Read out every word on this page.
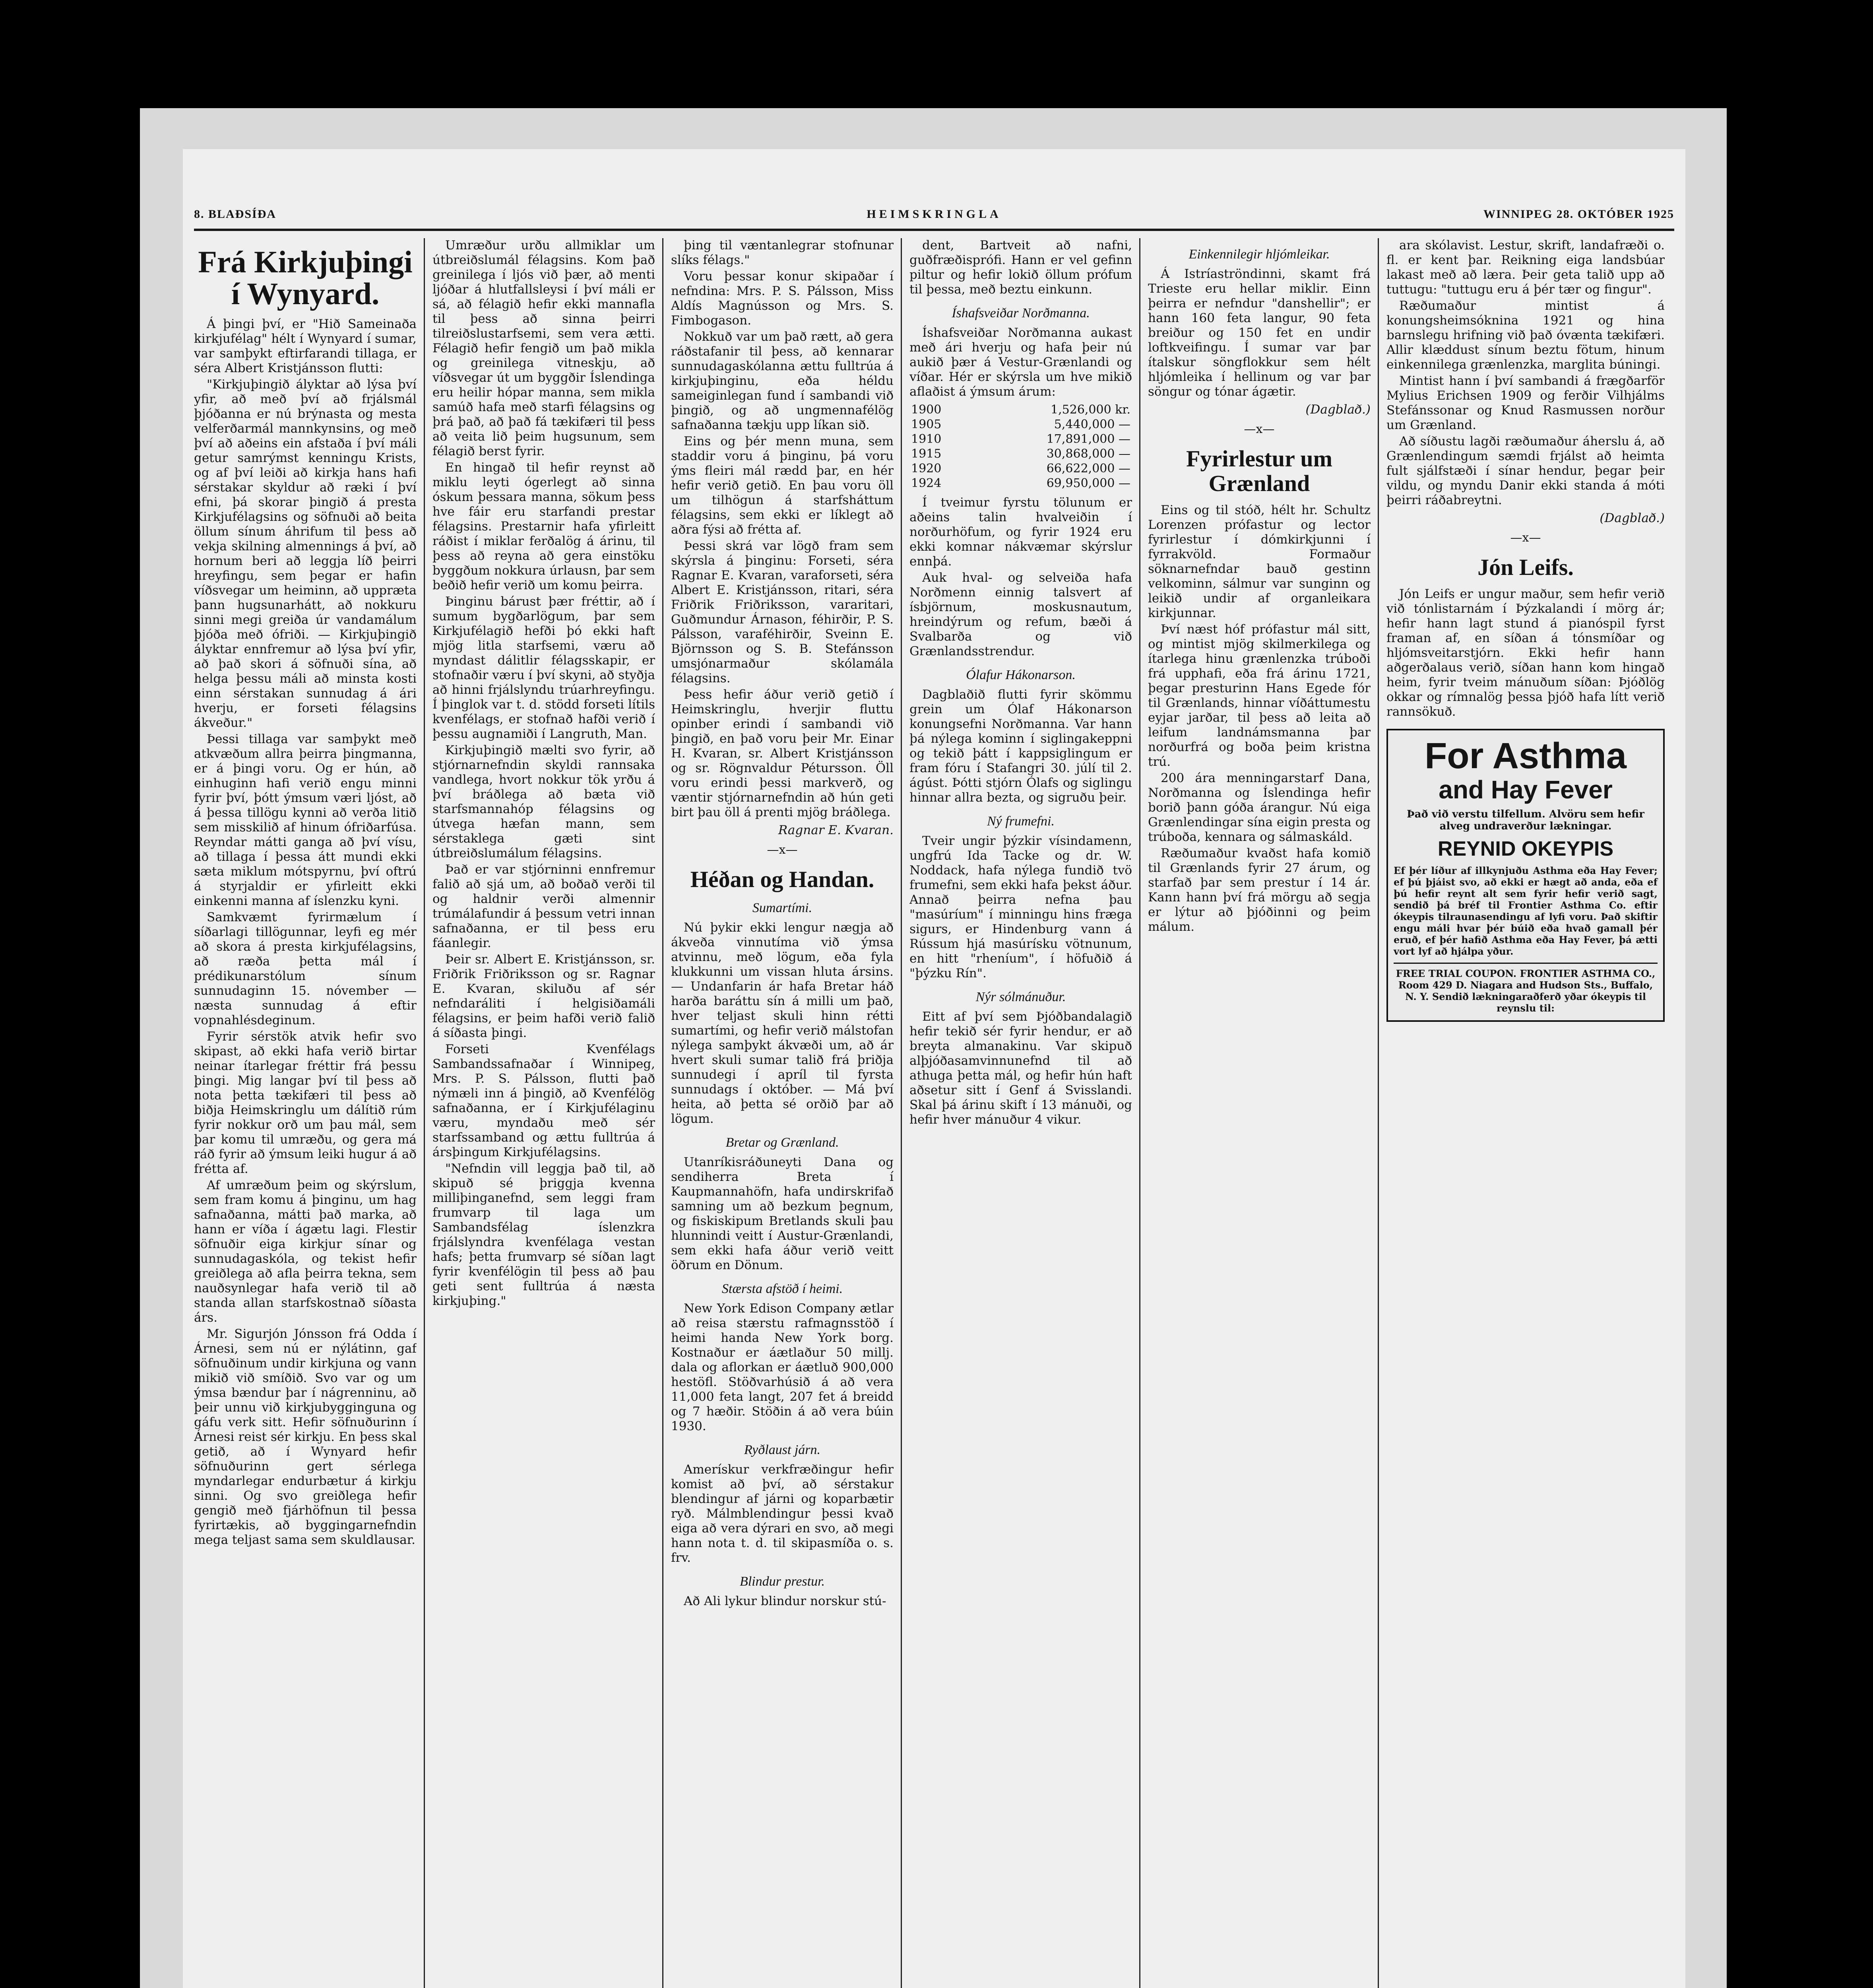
8. BLAÐSÍÐA	HEIMSKRINGLA	WINNIPEG 28. OKTÓBER 1925
Frá Kirkjuþingi í Wynyard.

Á þingi því, er "Hið Sameinaða kirkjufélag" hélt í Wynyard í sumar, var samþykt eftirfarandi tillaga, er séra Albert Kristjánsson flutti:

"Kirkjuþingið ályktar að lýsa því yfir, að með því að frjálsmál þjóðanna er nú brýnasta og mesta velferðarmál mannkynsins, og með því að aðeins ein afstaða í því máli getur samrýmst kenningu Krists, og af því leiði að kirkja hans hafi sérstakar skyldur að ræki í því efni, þá skorar þingið á presta Kirkjufélagsins og söfnuði að beita öllum sínum áhrifum til þess að vekja skilning almennings á því, að hornum beri að leggja líð þeirri hreyfingu, sem þegar er hafin víðsvegar um heiminn, að uppræta þann hugsunarhátt, að nokkuru sinni megi greiða úr vandamálum þjóða með ófriði. — Kirkjuþingið ályktar ennfremur að lýsa því yfir, að það skori á söfnuði sína, að helga þessu máli að minsta kosti einn sérstakan sunnudag á ári hverju, er forseti félagsins ákveður."

Þessi tillaga var samþykt með atkvæðum allra þeirra þingmanna, er á þingi voru. Og er hún, að einhuginn hafi verið engu minni fyrir því, þótt ýmsum væri ljóst, að á þessa tillögu kynni að verða litið sem misskilið af hinum ófriðarfúsa. Reyndar mátti ganga að því vísu, að tillaga í þessa átt mundi ekki sæta miklum mótspyrnu, því oftrú á styrjaldir er yfirleitt ekki einkenni manna af íslenzku kyni.

Samkvæmt fyrirmælum í síðarlagi tillögunnar, leyfi eg mér að skora á presta kirkjufélagsins, að ræða þetta mál í prédikunarstólum sínum sunnudaginn 15. nóvember — næsta sunnudag á eftir vopnahlésdeginum.

Fyrir sérstök atvik hefir svo skipast, að ekki hafa verið birtar neinar ítarlegar fréttir frá þessu þingi. Mig langar því til þess að nota þetta tækifæri til þess að biðja Heimskringlu um dálítið rúm fyrir nokkur orð um þau mál, sem þar komu til umræðu, og gera má ráð fyrir að ýmsum leiki hugur á að frétta af.

Af umræðum þeim og skýrslum, sem fram komu á þinginu, um hag safnaðanna, mátti það marka, að hann er víða í ágætu lagi. Flestir söfnuðir eiga kirkjur sínar og sunnudagaskóla, og tekist hefir greiðlega að afla þeirra tekna, sem nauðsynlegar hafa verið til að standa allan starfskostnað síðasta árs.

Mr. Sigurjón Jónsson frá Odda í Árnesi, sem nú er nýlátinn, gaf söfnuðinum undir kirkjuna og vann mikið við smíðið. Svo var og um ýmsa bændur þar í nágrenninu, að þeir unnu við kirkjubygginguna og gáfu verk sitt. Hefir söfnuðurinn í Árnesi reist sér kirkju. En þess skal getið, að í Wynyard hefir söfnuðurinn gert sérlega myndarlegar endurbætur á kirkju sinni. Og svo greiðlega hefir gengið með fjárhöfnun til þessa fyrirtækis, að byggingarnefndin mega teljast sama sem skuldlausar.

Umræður urðu allmiklar um útbreiðslumál félagsins. Kom það greinilega í ljós við þær, að menti ljóðar á hlutfallsleysi í því máli er sá, að félagið hefir ekki mannafla til þess að sinna þeirri tilreiðslustarfsemi, sem vera ætti. Félagið hefir fengið um það mikla og greinilega vitneskju, að víðsvegar út um byggðir Íslendinga eru heilir hópar manna, sem mikla samúð hafa með starfi félagsins og þrá það, að það fá tækifæri til þess að veita lið þeim hugsunum, sem félagið berst fyrir.

En hingað til hefir reynst að miklu leyti ógerlegt að sinna óskum þessara manna, sökum þess hve fáir eru starfandi prestar félagsins. Prestarnir hafa yfirleitt ráðist í miklar ferðalög á árinu, til þess að reyna að gera einstöku byggðum nokkura úrlausn, þar sem beðið hefir verið um komu þeirra.

Þinginu bárust þær fréttir, að í sumum bygðarlögum, þar sem Kirkjufélagið hefði þó ekki haft mjög litla starfsemi, væru að myndast dálitlir félagsskapir, er stofnaðir væru í því skyni, að styðja að hinni frjálslyndu trúarhreyfingu. Í þinglok var t. d. stödd forseti lítils kvenfélags, er stofnað hafði verið í þessu augnamiði í Langruth, Man.

Kirkjuþingið mælti svo fyrir, að stjórnarnefndin skyldi rannsaka vandlega, hvort nokkur tök yrðu á því bráðlega að bæta við starfsmannahóp félagsins og útvega hæfan mann, sem sérstaklega gæti sint útbreiðslumálum félagsins.

Það er var stjórninni ennfremur falið að sjá um, að boðað verði til og haldnir verði almennir trúmálafundir á þessum vetri innan safnaðanna, er til þess eru fáanlegir.

Þeir sr. Albert E. Kristjánsson, sr. Friðrik Friðriksson og sr. Ragnar E. Kvaran, skiluðu af sér nefndaráliti í helgisiðamáli félagsins, er þeim hafði verið falið á síðasta þingi.

Forseti Kvenfélags Sambandssafnaðar í Winnipeg, Mrs. P. S. Pálsson, flutti það nýmæli inn á þingið, að Kvenfélög safnaðanna, er í Kirkjufélaginu væru, myndaðu með sér starfssamband og ættu fulltrúa á ársþingum Kirkjufélagsins.

"Nefndin vill leggja það til, að skipuð sé þriggja kvenna milliþinganefnd, sem leggi fram frumvarp til laga um Sambandsfélag íslenzkra frjálslyndra kvenfélaga vestan hafs; þetta frumvarp sé síðan lagt fyrir kvenfélögin til þess að þau geti sent fulltrúa á næsta kirkjuþing."

þing til væntanlegrar stofnunar slíks félags."

Voru þessar konur skipaðar í nefndina: Mrs. P. S. Pálsson, Miss Aldís Magnússon og Mrs. S. Fimbogason.

Nokkuð var um það rætt, að gera ráðstafanir til þess, að kennarar sunnudagaskólanna ættu fulltrúa á kirkjuþinginu, eða héldu sameiginlegan fund í sambandi við þingið, og að ungmennafélög safnaðanna tækju upp líkan sið.

Eins og þér menn muna, sem staddir voru á þinginu, þá voru ýms fleiri mál rædd þar, en hér hefir verið getið. En þau voru öll um tilhögun á starfsháttum félagsins, sem ekki er líklegt að aðra fýsi að frétta af.

Þessi skrá var lögð fram sem skýrsla á þinginu: Forseti, séra Ragnar E. Kvaran, varaforseti, séra Albert E. Kristjánsson, ritari, séra Friðrik Friðriksson, vararitari, Guðmundur Árnason, féhirðir, P. S. Pálsson, varaféhirðir, Sveinn E. Björnsson og S. B. Stefánsson umsjónarmaður skólamála félagsins.

Þess hefir áður verið getið í Heimskringlu, hverjir fluttu opinber erindi í sambandi við þingið, en það voru þeir Mr. Einar H. Kvaran, sr. Albert Kristjánsson og sr. Rögnvaldur Pétursson. Öll voru erindi þessi markverð, og væntir stjórnarnefndin að hún geti birt þau öll á prenti mjög bráðlega.

Ragnar E. Kvaran.
—x—
Héðan og Handan.
Sumartími.

Nú þykir ekki lengur nægja að ákveða vinnutíma við ýmsa atvinnu, með lögum, eða fyla klukkunni um vissan hluta ársins. — Undanfarin ár hafa Bretar háð harða baráttu sín á milli um það, hver teljast skuli hinn rétti sumartími, og hefir verið málstofan nýlega samþykt ákvæði um, að ár hvert skuli sumar talið frá þriðja sunnudegi í apríl til fyrsta sunnudags í október. — Má því heita, að þetta sé orðið þar að lögum.

Bretar og Grænland.

Utanríkisráðuneyti Dana og sendiherra Breta í Kaupmannahöfn, hafa undirskrifað samning um að bezkum þegnum, og fiskiskipum Bretlands skuli þau hlunnindi veitt í Austur-Grænlandi, sem ekki hafa áður verið veitt öðrum en Dönum.

Stærsta afstöð í heimi.

New York Edison Company ætlar að reisa stærstu rafmagnsstöð í heimi handa New York borg. Kostnaður er áætlaður 50 millj. dala og aflorkan er áætluð 900,000 hestöfl. Stöðvarhúsið á að vera 11,000 feta langt, 207 fet á breidd og 7 hæðir. Stöðin á að vera búin 1930.

Ryðlaust járn.

Amerískur verkfræðingur hefir komist að því, að sérstakur blendingur af járni og koparbætir ryð. Málmblendingur þessi kvað eiga að vera dýrari en svo, að megi hann nota t. d. til skipasmíða o. s. frv.

Blindur prestur.

Að Ali lykur blindur norskur stú-

dent, Bartveit að nafni, guðfræðisprófi. Hann er vel gefinn piltur og hefir lokið öllum prófum til þessa, með beztu einkunn.

Íshafsveiðar Norðmanna.

Íshafsveiðar Norðmanna aukast með ári hverju og hafa þeir nú aukið þær á Vestur-Grænlandi og víðar. Hér er skýrsla um hve mikið aflaðist á ýmsum árum:

1900	1,526,000 kr.
1905	5,440,000 —
1910	17,891,000 —
1915	30,868,000 —
1920	66,622,000 —
1924	69,950,000 —

Í tveimur fyrstu tölunum er aðeins talin hvalveiðin í norðurhöfum, og fyrir 1924 eru ekki komnar nákvæmar skýrslur ennþá.

Auk hval- og selveiða hafa Norðmenn einnig talsvert af ísbjörnum, moskusnautum, hreindýrum og refum, bæði á Svalbarða og við Grænlandsstrendur.

Ólafur Hákonarson.

Dagblaðið flutti fyrir skömmu grein um Ólaf Hákonarson konungsefni Norðmanna. Var hann þá nýlega kominn í siglingakeppni og tekið þátt í kappsiglingum er fram fóru í Stafangri 30. júlí til 2. ágúst. Þótti stjórn Ólafs og siglingu hinnar allra bezta, og sigruðu þeir.

Ný frumefni.

Tveir ungir þýzkir vísindamenn, ungfrú Ida Tacke og dr. W. Noddack, hafa nýlega fundið tvö frumefni, sem ekki hafa þekst áður. Annað þeirra nefna þau "masúríum" í minningu hins fræga sigurs, er Hindenburg vann á Rússum hjá masúrísku vötnunum, en hitt "rheníum", í höfuðið á "þýzku Rín".

Nýr sólmánuður.

Eitt af því sem Þjóðbandalagið hefir tekið sér fyrir hendur, er að breyta almanakinu. Var skipuð alþjóðasamvinnunefnd til að athuga þetta mál, og hefir hún haft aðsetur sitt í Genf á Svisslandi. Skal þá árinu skift í 13 mánuði, og hefir hver mánuður 4 vikur.

Einkennilegir hljómleikar.

Á Istríaströndinni, skamt frá Trieste eru hellar miklir. Einn þeirra er nefndur "danshellir"; er hann 160 feta langur, 90 feta breiður og 150 fet en undir loftkveifingu. Í sumar var þar ítalskur söngflokkur sem hélt hljómleika í hellinum og var þar söngur og tónar ágætir.

(Dagblað.)
—x—
Fyrirlestur um Grænland

Eins og til stóð, hélt hr. Schultz Lorenzen prófastur og lector fyrirlestur í dómkirkjunni í fyrrakvöld. Formaður söknarnefndar bauð gestinn velkominn, sálmur var sunginn og leikið undir af organleikara kirkjunnar.

Því næst hóf prófastur mál sitt, og mintist mjög skilmerkilega og ítarlega hinu grænlenzka trúboði frá upphafi, eða frá árinu 1721, þegar presturinn Hans Egede fór til Grænlands, hinnar víðáttumestu eyjar jarðar, til þess að leita að leifum landnámsmanna þar norðurfrá og boða þeim kristna trú.

200 ára menningarstarf Dana, Norðmanna og Íslendinga hefir borið þann góða árangur. Nú eiga Grænlendingar sína eigin presta og trúboða, kennara og sálmaskáld.

Ræðumaður kvaðst hafa komið til Grænlands fyrir 27 árum, og starfað þar sem prestur í 14 ár. Kann hann því frá mörgu að segja er lýtur að þjóðinni og þeim málum.

ara skólavist. Lestur, skrift, landafræði o. fl. er kent þar. Reikning eiga landsbúar lakast með að læra. Þeir geta talið upp að tuttugu: "tuttugu eru á þér tær og fingur".

Ræðumaður mintist á konungsheimsóknina 1921 og hina barnslegu hrifning við það óvænta tækifæri. Allir klæddust sínum beztu fötum, hinum einkennilega grænlenzka, marglita búningi.

Mintist hann í því sambandi á frægðarför Mylius Erichsen 1909 og ferðir Vilhjálms Stefánssonar og Knud Rasmussen norður um Grænland.

Að síðustu lagði ræðumaður áherslu á, að Grænlendingum sæmdi frjálst að heimta fult sjálfstæði í sínar hendur, þegar þeir vildu, og myndu Danir ekki standa á móti þeirri ráðabreytni.

(Dagblað.)
—x—
Jón Leifs.

Jón Leifs er ungur maður, sem hefir verið við tónlistarnám í Þýzkalandi í mörg ár; hefir hann lagt stund á pianóspil fyrst framan af, en síðan á tónsmíðar og hljómsveitarstjórn. Ekki hefir hann aðgerðalaus verið, síðan hann kom hingað heim, fyrir tveim mánuðum síðan: Þjóðlög okkar og rímnalög þessa þjóð hafa lítt verið rannsökuð.

For Asthma
and Hay Fever
Það við verstu tilfellum. Alvöru sem hefir alveg undraverður lækningar.
REYNID OKEYPIS
Ef þér líður af illkynjuðu Asthma eða Hay Fever; ef þú þjáist svo, að ekki er hægt að anda, eða ef þú hefir reynt alt sem fyrir hefir verið sagt, sendið þá bréf til Frontier Asthma Co. eftir ókeypis tilraunasendingu af lyfi voru. Það skiftir engu máli hvar þér búið eða hvað gamall þér eruð, ef þér hafið Asthma eða Hay Fever, þá ætti vort lyf að hjálpa yður.
FREE TRIAL COUPON. FRONTIER ASTHMA CO., Room 429 D. Niagara and Hudson Sts., Buffalo, N. Y. Sendið lækningaraðferð yðar ókeypis til reynslu til:
